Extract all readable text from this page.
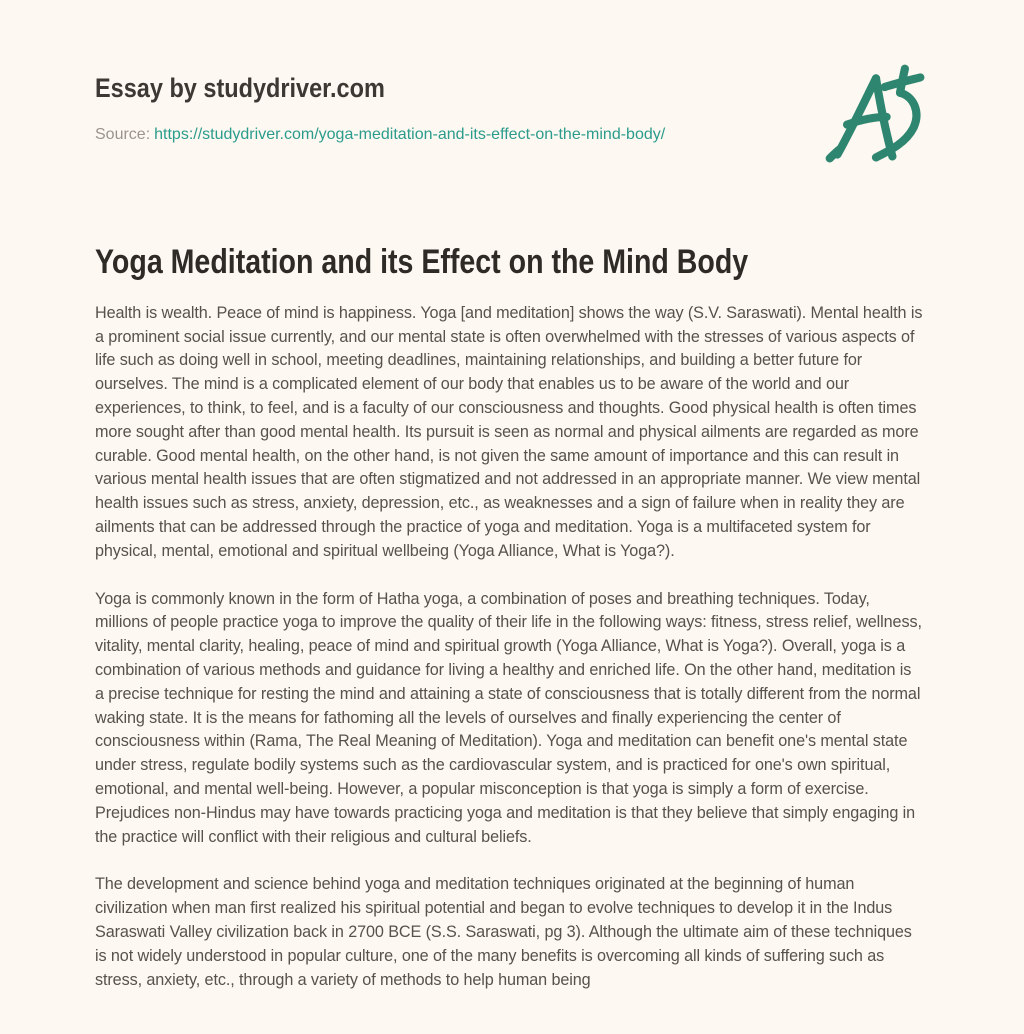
Essay by studydriver.com
Source: https://studydriver.com/yoga-meditation-and-its-effect-on-the-mind-body/
Yoga Meditation and its Effect on the Mind Body

Health is wealth. Peace of mind is happiness. Yoga [and meditation] shows the way (S.V. Saraswati). Mental health is a prominent social issue currently, and our mental state is often overwhelmed with the stresses of various aspects of life such as doing well in school, meeting deadlines, maintaining relationships, and building a better future for ourselves. The mind is a complicated element of our body that enables us to be aware of the world and our experiences, to think, to feel, and is a faculty of our consciousness and thoughts. Good physical health is often times more sought after than good mental health. Its pursuit is seen as normal and physical ailments are regarded as more curable. Good mental health, on the other hand, is not given the same amount of importance and this can result in various mental health issues that are often stigmatized and not addressed in an appropriate manner. We view mental health issues such as stress, anxiety, depression, etc., as weaknesses and a sign of failure when in reality they are ailments that can be addressed through the practice of yoga and meditation. Yoga is a multifaceted system for physical, mental, emotional and spiritual wellbeing (Yoga Alliance, What is Yoga?).

Yoga is commonly known in the form of Hatha yoga, a combination of poses and breathing techniques. Today, millions of people practice yoga to improve the quality of their life in the following ways: fitness, stress relief, wellness, vitality, mental clarity, healing, peace of mind and spiritual growth (Yoga Alliance, What is Yoga?). Overall, yoga is a combination of various methods and guidance for living a healthy and enriched life. On the other hand, meditation is a precise technique for resting the mind and attaining a state of consciousness that is totally different from the normal waking state. It is the means for fathoming all the levels of ourselves and finally experiencing the center of consciousness within (Rama, The Real Meaning of Meditation). Yoga and meditation can benefit one's mental state under stress, regulate bodily systems such as the cardiovascular system, and is practiced for one's own spiritual, emotional, and mental well-being. However, a popular misconception is that yoga is simply a form of exercise. Prejudices non-Hindus may have towards practicing yoga and meditation is that they believe that simply engaging in the practice will conflict with their religious and cultural beliefs.

The development and science behind yoga and meditation techniques originated at the beginning of human civilization when man first realized his spiritual potential and began to evolve techniques to develop it in the Indus Saraswati Valley civilization back in 2700 BCE (S.S. Saraswati, pg 3). Although the ultimate aim of these techniques is not widely understood in popular culture, one of the many benefits is overcoming all kinds of suffering such as stress, anxiety, etc., through a variety of methods to help human being
